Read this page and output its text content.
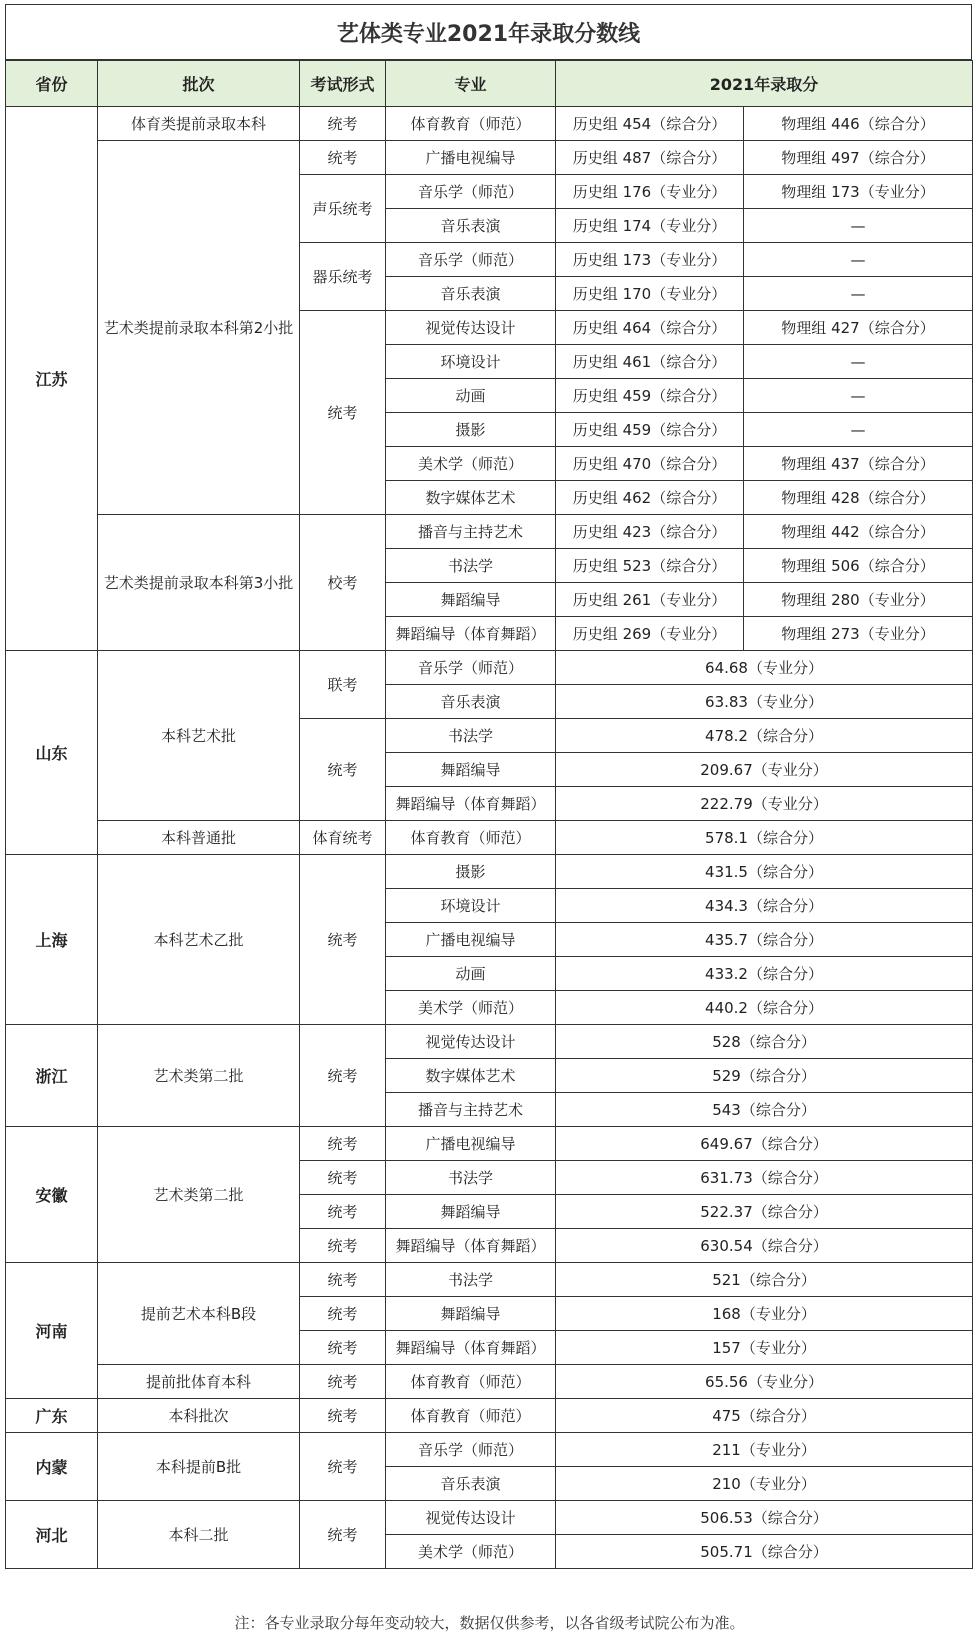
艺体类专业2021年录取分数线
省份	批次	考试形式	专业	2021年录取分	
江苏	体育类提前录取本科	统考	体育教育（师范）	历史组 454（综合分）	物理组 446（综合分）
	艺术类提前录取本科第2小批	统考	广播电视编导	历史组 487（综合分）	物理组 497（综合分）
		声乐统考	音乐学（师范）	历史组 176（专业分）	物理组 173（专业分）
			音乐表演	历史组 174（专业分）	—
		器乐统考	音乐学（师范）	历史组 173（专业分）	—
			音乐表演	历史组 170（专业分）	—
		统考	视觉传达设计	历史组 464（综合分）	物理组 427（综合分）
			环境设计	历史组 461（综合分）	—
			动画	历史组 459（综合分）	—
			摄影	历史组 459（综合分）	—
			美术学（师范）	历史组 470（综合分）	物理组 437（综合分）
			数字媒体艺术	历史组 462（综合分）	物理组 428（综合分）
	艺术类提前录取本科第3小批	校考	播音与主持艺术	历史组 423（综合分）	物理组 442（综合分）
			书法学	历史组 523（综合分）	物理组 506（综合分）
			舞蹈编导	历史组 261（专业分）	物理组 280（专业分）
			舞蹈编导（体育舞蹈）	历史组 269（专业分）	物理组 273（专业分）
山东	本科艺术批	联考	音乐学（师范）	64.68（专业分）	
			音乐表演	63.83（专业分）	
		统考	书法学	478.2（综合分）	
			舞蹈编导	209.67（专业分）	
			舞蹈编导（体育舞蹈）	222.79（专业分）	
	本科普通批	体育统考	体育教育（师范）	578.1（综合分）	
上海	本科艺术乙批	统考	摄影	431.5（综合分）	
			环境设计	434.3（综合分）	
			广播电视编导	435.7（综合分）	
			动画	433.2（综合分）	
			美术学（师范）	440.2（综合分）	
浙江	艺术类第二批	统考	视觉传达设计	528（综合分）	
			数字媒体艺术	529（综合分）	
			播音与主持艺术	543（综合分）	
安徽	艺术类第二批	统考	广播电视编导	649.67（综合分）	
		统考	书法学	631.73（综合分）	
		统考	舞蹈编导	522.37（综合分）	
		统考	舞蹈编导（体育舞蹈）	630.54（综合分）	
河南	提前艺术本科B段	统考	书法学	521（综合分）	
		统考	舞蹈编导	168（专业分）	
		统考	舞蹈编导（体育舞蹈）	157（专业分）	
	提前批体育本科	统考	体育教育（师范）	65.56（专业分）	
广东	本科批次	统考	体育教育（师范）	475（综合分）	
内蒙	本科提前B批	统考	音乐学（师范）	211（专业分）	
			音乐表演	210（专业分）	
河北	本科二批	统考	视觉传达设计	506.53（综合分）	
			美术学（师范）	505.71（综合分）	
注：各专业录取分每年变动较大，数据仅供参考，以各省级考试院公布为准。
